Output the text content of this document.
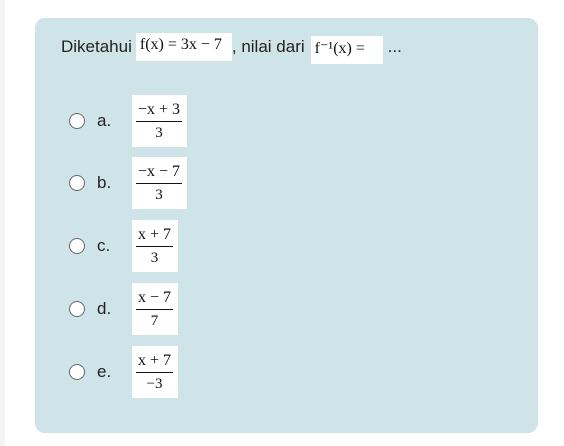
Diketahui f(x) = 3x − 7 , nilai dari f⁻¹(x) =	...
a.	$\frac{-x + 3}{3}$
b.	$\frac{-x - 7}{3}$
c.	$\frac{x + 7}{3}$
d.	$\frac{x - 7}{7}$
e.	$\frac{x + 7}{-3}$
